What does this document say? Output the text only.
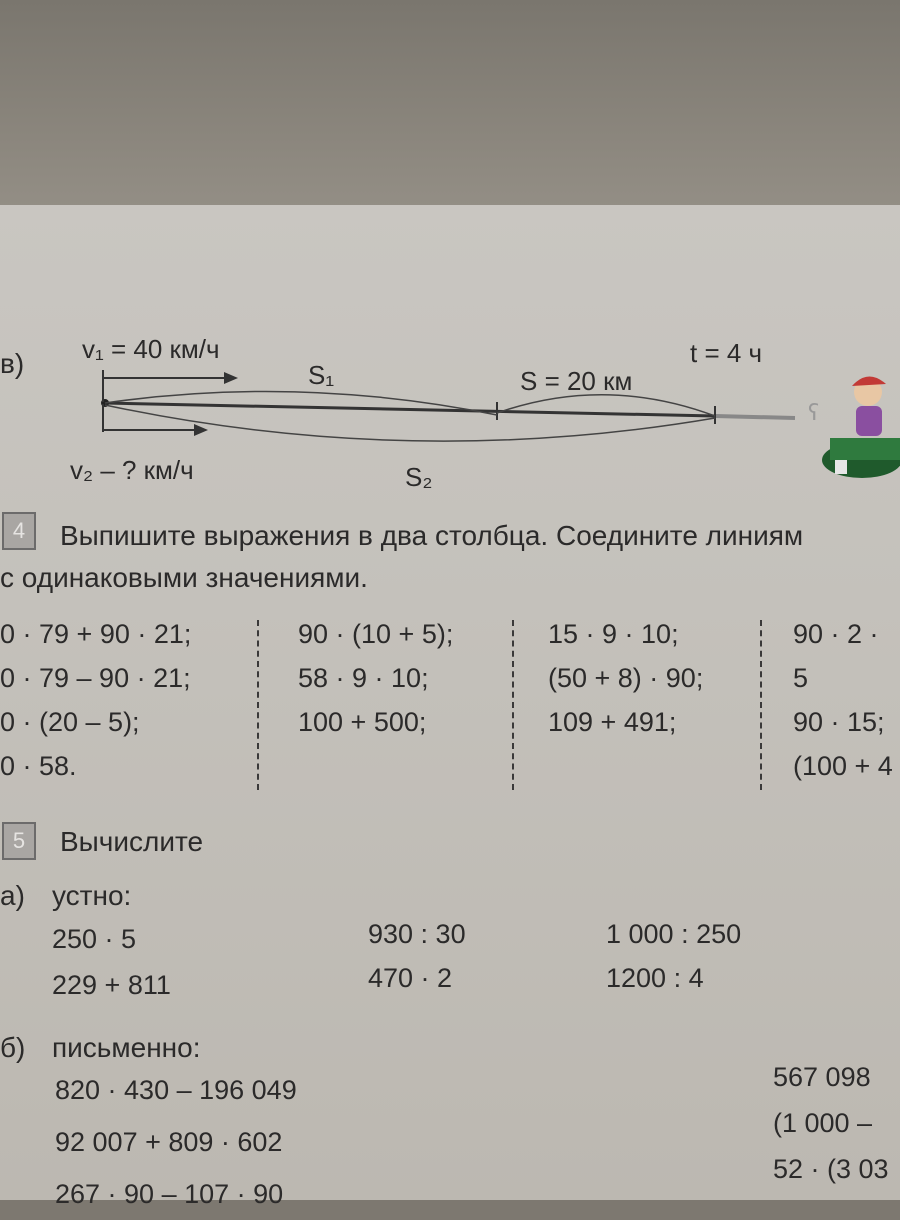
в) v₁ = 40 км/ч
S₁	S = 20 км
t = 4 ч
v₂ – ? км/ч	S₂
ʕ
4	Выпишите выражения в два столбца. Соедините линиям
с одинаковыми значениями.
0 · 79 + 90 · 21;
0 · 79 – 90 · 21;
0 · (20 – 5);
0 · 58.
90 · (10 + 5);
58 · 9 · 10;
100 + 500;
15 · 9 · 10;
(50 + 8) · 90;
109 + 491;
90 · 2 · 5
90 · 15;
(100 + 4
5	Вычислите
а) устно:
250 · 5
229 + 811
930 : 30
470 · 2
1 000 : 250
1200 : 4
б) письменно:
820 · 430 – 196 049
92 007 + 809 · 602
267 · 90 – 107 · 90
567 098
(1 000 –
52 · (3 03
